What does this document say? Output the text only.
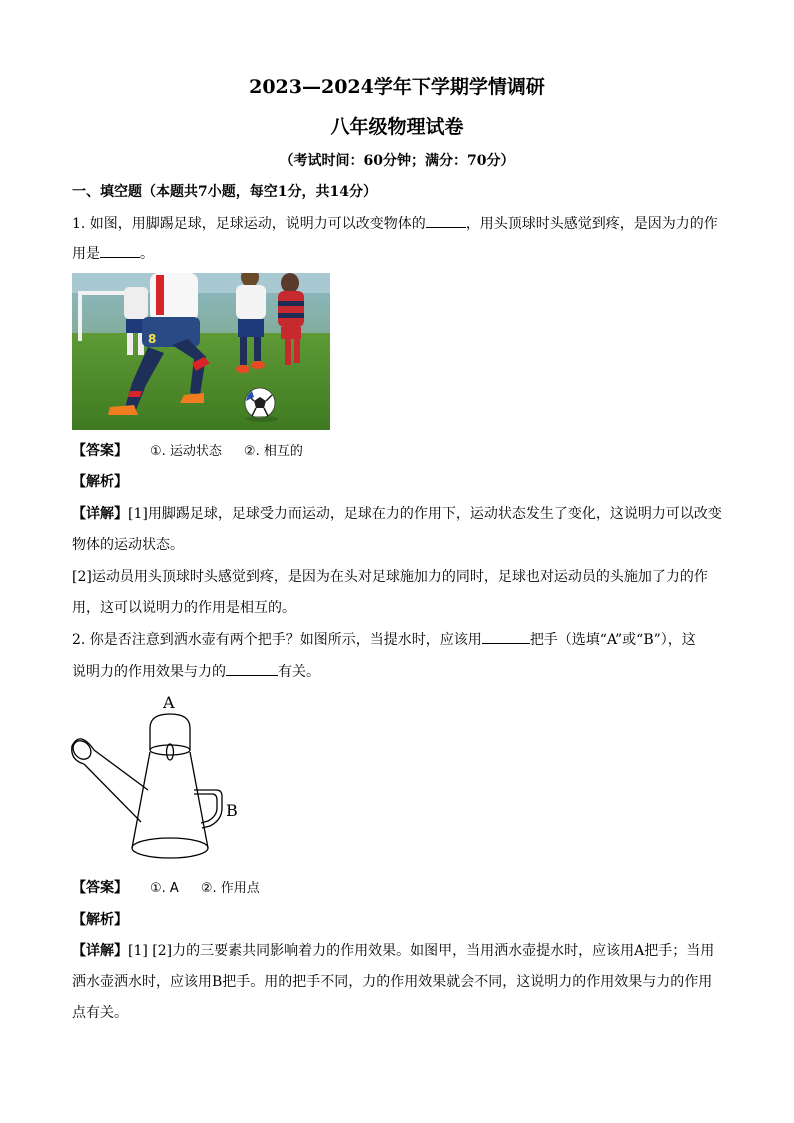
2023—2024学年下学期学情调研
八年级物理试卷
（考试时间：60分钟；满分：70分）
一、填空题（本题共7小题，每空1分，共14分）
1. 如图，用脚踢足球，足球运动，说明力可以改变物体的	，用头顶球时头感觉到疼，是因为力的作
用是	。
8
【答案】 ①. 运动状态 ②. 相互的
【解析】
【详解】[1]用脚踢足球，足球受力而运动，足球在力的作用下，运动状态发生了变化，这说明力可以改变
物体的运动状态。
[2]运动员用头顶球时头感觉到疼，是因为在头对足球施加力的同时，足球也对运动员的头施加了力的作
用，这可以说明力的作用是相互的。
2. 你是否注意到洒水壶有两个把手？如图所示，当提水时，应该用	把手（选填“A”或“B”），这
说明力的作用效果与力的	有关。
A
B
【答案】 ①. A ②. 作用点
【解析】
【详解】[1] [2]力的三要素共同影响着力的作用效果。如图甲，当用洒水壶提水时，应该用A把手；当用
洒水壶洒水时，应该用B把手。用的把手不同，力的作用效果就会不同，这说明力的作用效果与力的作用
点有关。
